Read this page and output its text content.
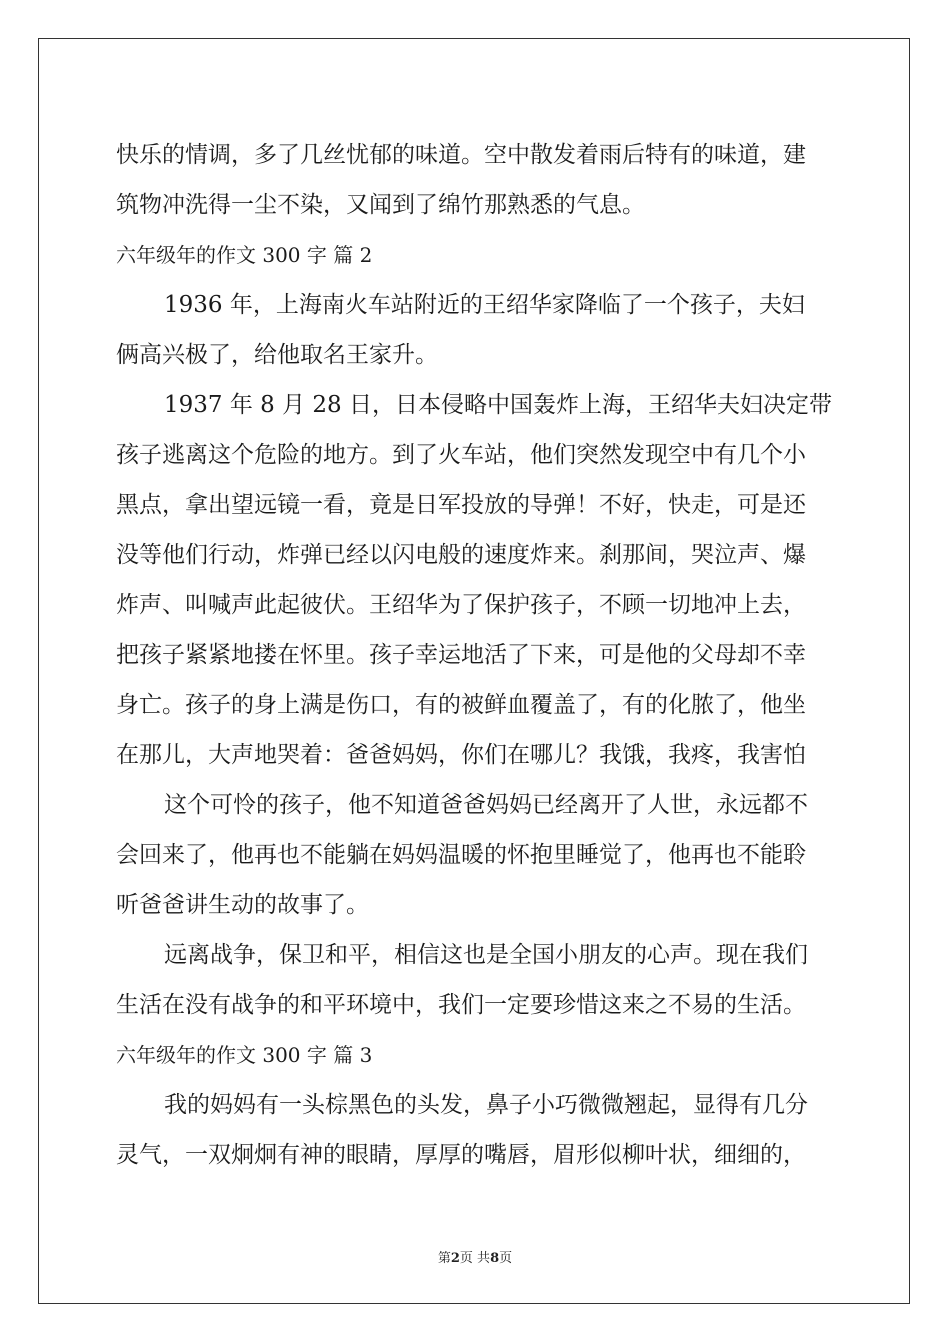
快乐的情调，多了几丝忧郁的味道。空中散发着雨后特有的味道，建
筑物冲洗得一尘不染，又闻到了绵竹那熟悉的气息。
六年级年的作文 300 字 篇 2
1936 年，上海南火车站附近的王绍华家降临了一个孩子，夫妇
俩高兴极了，给他取名王家升。
1937 年 8 月 28 日，日本侵略中国轰炸上海，王绍华夫妇决定带
孩子逃离这个危险的地方。到了火车站，他们突然发现空中有几个小
黑点，拿出望远镜一看，竟是日军投放的导弹！不好，快走，可是还
没等他们行动，炸弹已经以闪电般的速度炸来。刹那间，哭泣声、爆
炸声、叫喊声此起彼伏。王绍华为了保护孩子，不顾一切地冲上去，
把孩子紧紧地搂在怀里。孩子幸运地活了下来，可是他的父母却不幸
身亡。孩子的身上满是伤口，有的被鲜血覆盖了，有的化脓了，他坐
在那儿，大声地哭着：爸爸妈妈，你们在哪儿？我饿，我疼，我害怕
这个可怜的孩子，他不知道爸爸妈妈已经离开了人世，永远都不
会回来了，他再也不能躺在妈妈温暖的怀抱里睡觉了，他再也不能聆
听爸爸讲生动的故事了。
远离战争，保卫和平，相信这也是全国小朋友的心声。现在我们
生活在没有战争的和平环境中，我们一定要珍惜这来之不易的生活。
六年级年的作文 300 字 篇 3
我的妈妈有一头棕黑色的头发，鼻子小巧微微翘起，显得有几分
灵气，一双炯炯有神的眼睛，厚厚的嘴唇，眉形似柳叶状，细细的，
第2页 共8页
